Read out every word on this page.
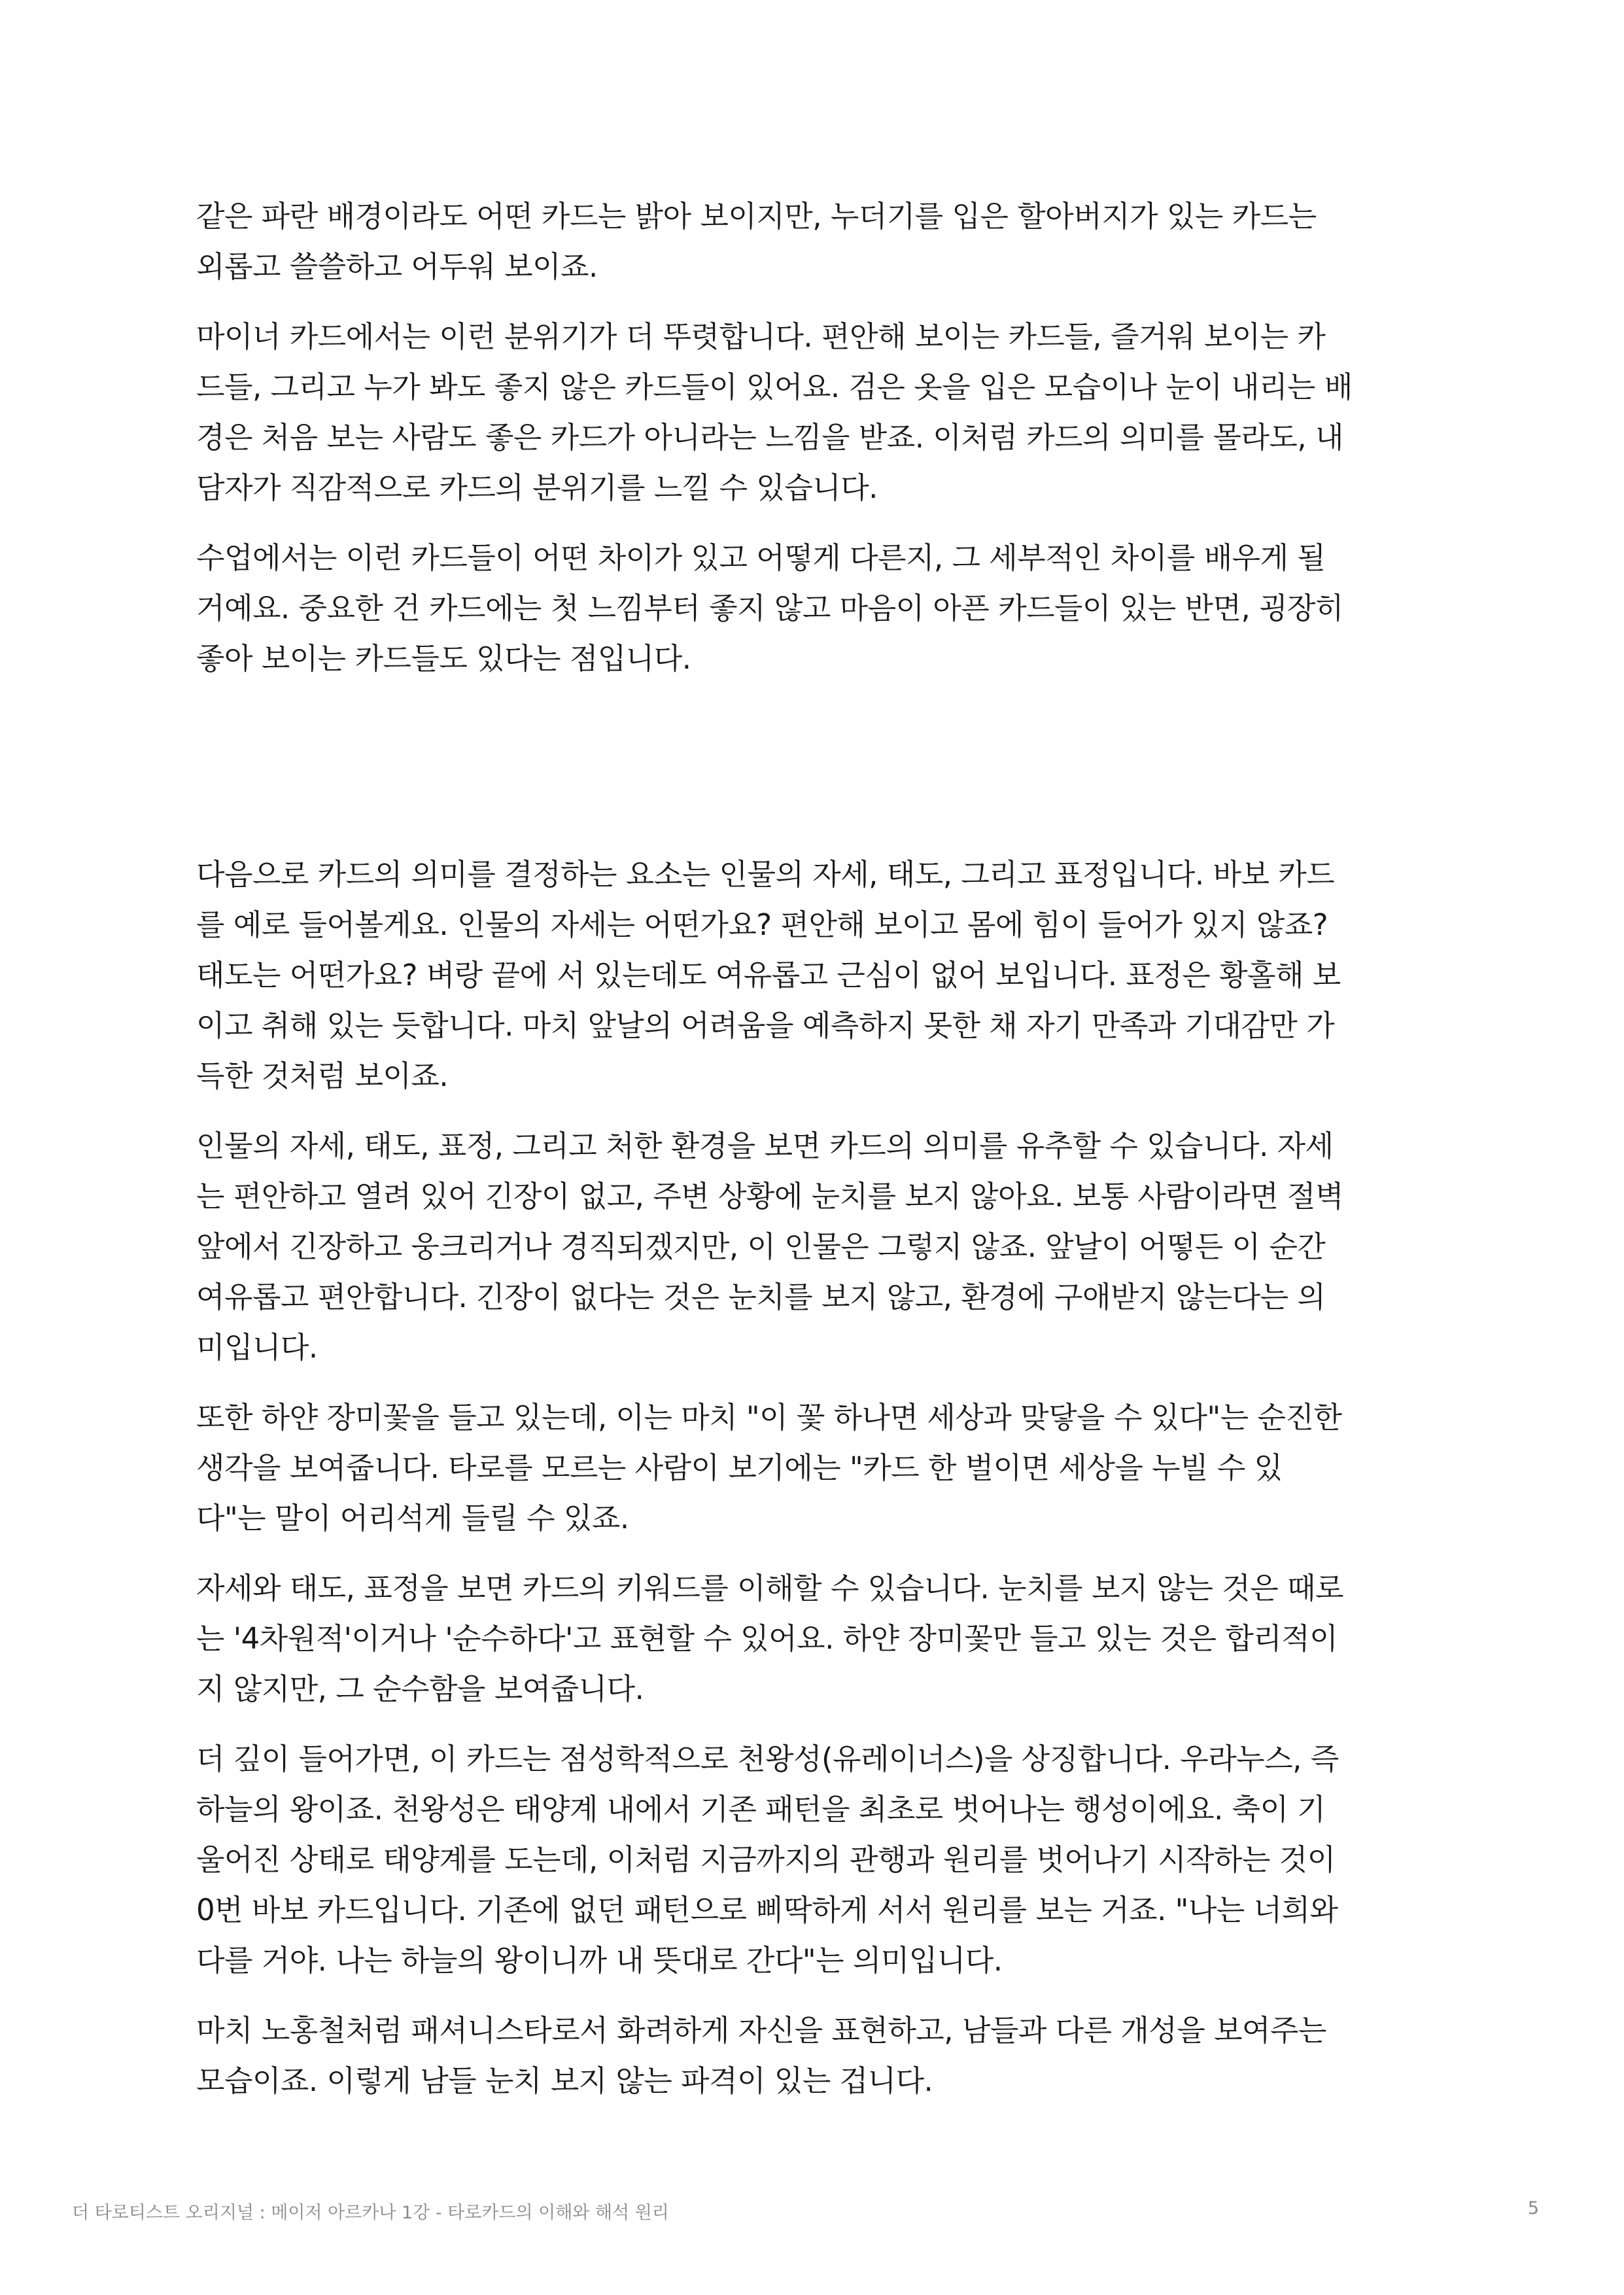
같은 파란 배경이라도 어떤 카드는 밝아 보이지만, 누더기를 입은 할아버지가 있는 카드는
외롭고 쓸쓸하고 어두워 보이죠.

마이너 카드에서는 이런 분위기가 더 뚜렷합니다. 편안해 보이는 카드들, 즐거워 보이는 카
드들, 그리고 누가 봐도 좋지 않은 카드들이 있어요. 검은 옷을 입은 모습이나 눈이 내리는 배
경은 처음 보는 사람도 좋은 카드가 아니라는 느낌을 받죠. 이처럼 카드의 의미를 몰라도, 내
담자가 직감적으로 카드의 분위기를 느낄 수 있습니다.

수업에서는 이런 카드들이 어떤 차이가 있고 어떻게 다른지, 그 세부적인 차이를 배우게 될
거예요. 중요한 건 카드에는 첫 느낌부터 좋지 않고 마음이 아픈 카드들이 있는 반면, 굉장히
좋아 보이는 카드들도 있다는 점입니다.

다음으로 카드의 의미를 결정하는 요소는 인물의 자세, 태도, 그리고 표정입니다. 바보 카드
를 예로 들어볼게요. 인물의 자세는 어떤가요? 편안해 보이고 몸에 힘이 들어가 있지 않죠?
태도는 어떤가요? 벼랑 끝에 서 있는데도 여유롭고 근심이 없어 보입니다. 표정은 황홀해 보
이고 취해 있는 듯합니다. 마치 앞날의 어려움을 예측하지 못한 채 자기 만족과 기대감만 가
득한 것처럼 보이죠.

인물의 자세, 태도, 표정, 그리고 처한 환경을 보면 카드의 의미를 유추할 수 있습니다. 자세
는 편안하고 열려 있어 긴장이 없고, 주변 상황에 눈치를 보지 않아요. 보통 사람이라면 절벽
앞에서 긴장하고 웅크리거나 경직되겠지만, 이 인물은 그렇지 않죠. 앞날이 어떻든 이 순간
여유롭고 편안합니다. 긴장이 없다는 것은 눈치를 보지 않고, 환경에 구애받지 않는다는 의
미입니다.

또한 하얀 장미꽃을 들고 있는데, 이는 마치 "이 꽃 하나면 세상과 맞닿을 수 있다"는 순진한
생각을 보여줍니다. 타로를 모르는 사람이 보기에는 "카드 한 벌이면 세상을 누빌 수 있
다"는 말이 어리석게 들릴 수 있죠.

자세와 태도, 표정을 보면 카드의 키워드를 이해할 수 있습니다. 눈치를 보지 않는 것은 때로
는 '4차원적'이거나 '순수하다'고 표현할 수 있어요. 하얀 장미꽃만 들고 있는 것은 합리적이
지 않지만, 그 순수함을 보여줍니다.

더 깊이 들어가면, 이 카드는 점성학적으로 천왕성(유레이너스)을 상징합니다. 우라누스, 즉
하늘의 왕이죠. 천왕성은 태양계 내에서 기존 패턴을 최초로 벗어나는 행성이에요. 축이 기
울어진 상태로 태양계를 도는데, 이처럼 지금까지의 관행과 원리를 벗어나기 시작하는 것이
0번 바보 카드입니다. 기존에 없던 패턴으로 삐딱하게 서서 원리를 보는 거죠. "나는 너희와
다를 거야. 나는 하늘의 왕이니까 내 뜻대로 간다"는 의미입니다.

마치 노홍철처럼 패셔니스타로서 화려하게 자신을 표현하고, 남들과 다른 개성을 보여주는
모습이죠. 이렇게 남들 눈치 보지 않는 파격이 있는 겁니다.

더 타로티스트 오리지널 : 메이저 아르카나 1강 - 타로카드의 이해와 해석 원리	5
